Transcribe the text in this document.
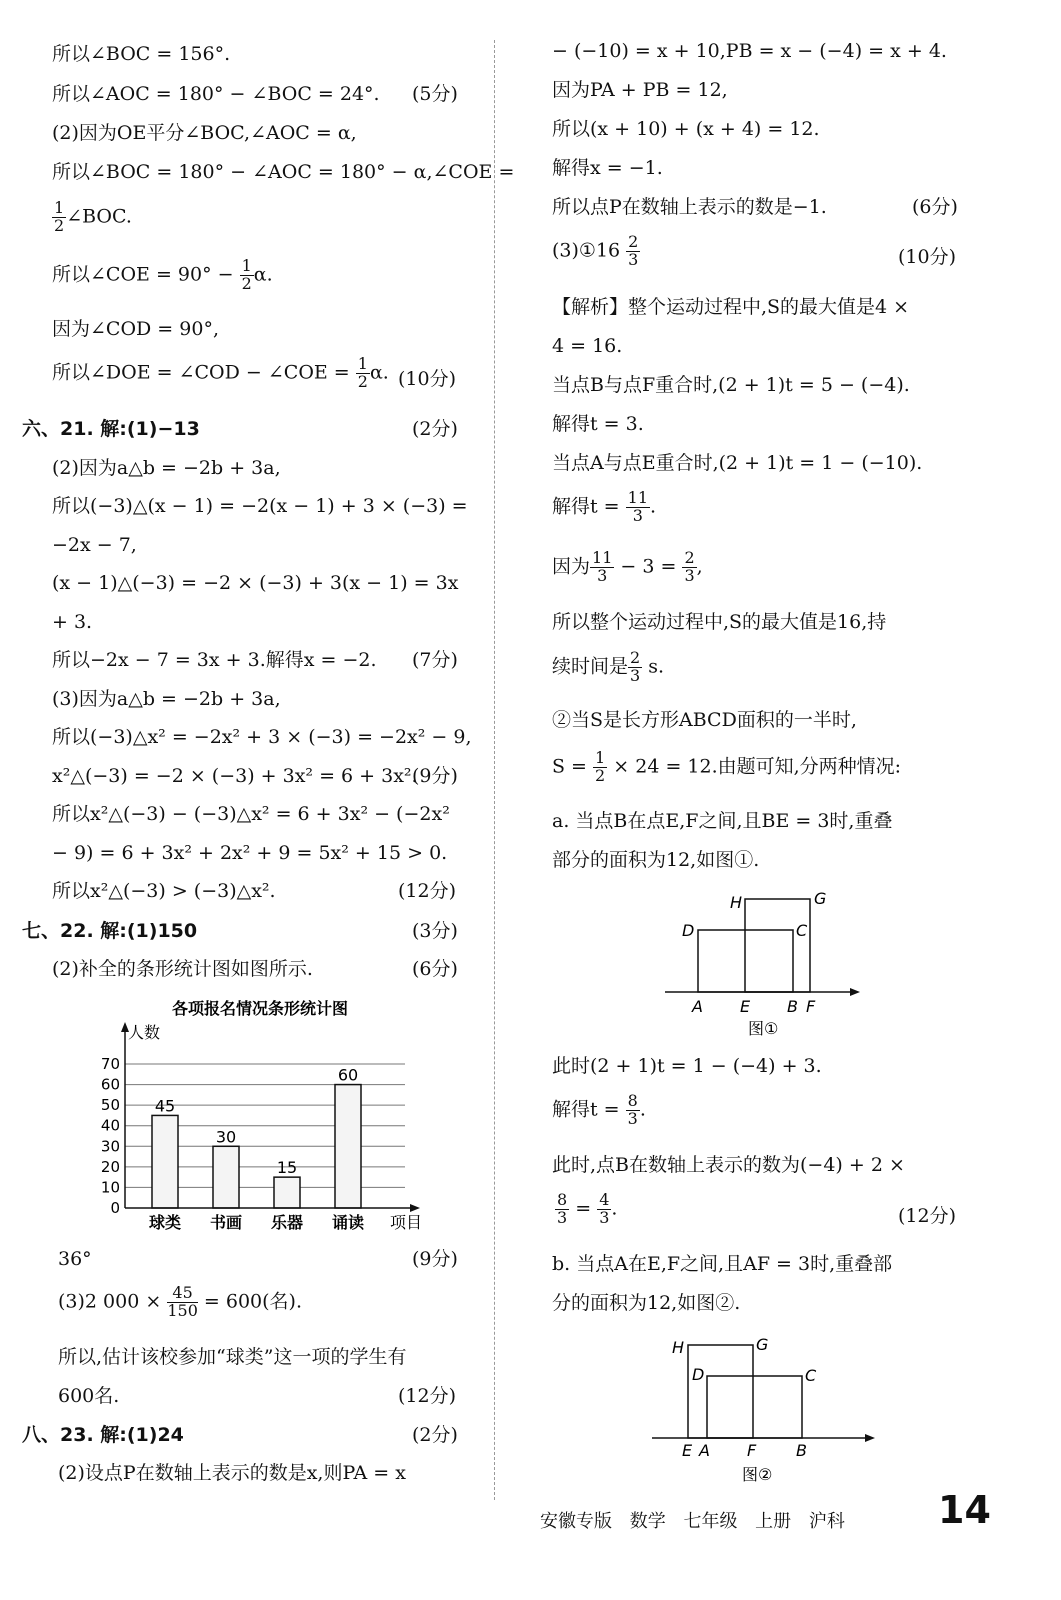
所以∠BOC = 156°.
所以∠AOC = 180° − ∠BOC = 24°. (5分)
(2)因为OE平分∠BOC,∠AOC = α,
所以∠BOC = 180° − ∠AOC = 180° − α,∠COE =
$\frac{1}{2}$ ∠BOC.
所以∠COE = $90^\circ - \frac{1}{2} \alpha$.
因为∠COD = 90°,
所以∠DOE = ∠COD − ∠COE = $\frac{1}{2} \alpha$. (10分)
六、21. 解:(1)−13	(2分)
(2)因为a△b = −2b + 3a,
所以(−3)△(x − 1) = −2(x − 1) + 3 × (−3) =
−2x − 7,
(x − 1)△(−3) = −2 × (−3) + 3(x − 1) = 3x
+ 3.
所以−2x − 7 = 3x + 3.解得x = −2. (7分)
(3)因为a△b = −2b + 3a,
所以(−3)△x² = −2x² + 3 × (−3) = −2x² − 9,
x²△(−3) = −2 × (−3) + 3x² = 6 + 3x².
(9分)
所以x²△(−3) − (−3)△x² = 6 + 3x² − (−2x²
− 9) = 6 + 3x² + 2x² + 9 = 5x² + 15 > 0.
所以x²△(−3) > (−3)△x².	(12分)
七、22. 解:(1)150	(3分)
(2)补全的条形统计图如图所示.	(6分)
各项报名情况条形统计图
人数
项目
0
10
20
30
40
50
60
70
45
30
15
60
球类 书画 乐器 诵读
36°	(9分)
(3)2 $000 \times \frac{45}{150} = 600$(名).
所以,估计该校参加“球类”这一项的学生有
600名.	(12分)
八、23. 解:(1)24	(2分)
(2)设点P在数轴上表示的数是x,则PA = x
− (−10) = x + 10,PB = x − (−4) = x + 4.
因为PA + PB = 12,
所以(x + 10) + (x + 4) = 12.
解得x = −1.
所以点P在数轴上表示的数是−1.	(6分)
(3)①16 $\frac{2}{3}$	(10分)
【解析】整个运动过程中,S的最大值是4 ×
4 = 16.
当点B与点F重合时,(2 + 1)t = 5 − (−4).
解得t = 3.
当点A与点E重合时,(2 + 1)t = 1 − (−10).
解得$t = \frac{11}{3}$ .
因为 $\frac{11}{3} - 3 = \frac{2}{3}$ ,
所以整个运动过程中,S的最大值是16,持
续时间是 $\frac{2}{3} s$.
②当S是长方形ABCD面积的一半时,
$S = \frac{1}{2} \times 24 = 12$.由题可知,分两种情况:
a. 当点B在点E,F之间,且BE = 3时,重叠
部分的面积为12,如图①.
H	G
D	C
A E B F
图①
此时(2 + 1)t = 1 − (−4) + 3.
解得$t = \frac{8}{3}$ .
此时,点B在数轴上表示的数为(−4) + 2 ×
$\frac{8}{3} = \frac{4}{3}$ .	(12分)
b. 当点A在E,F之间,且AF = 3时,重叠部
分的面积为12,如图②.
H	G
D	C
E A F B
图②
安徽专版 数学 七年级 上册 沪科 14
